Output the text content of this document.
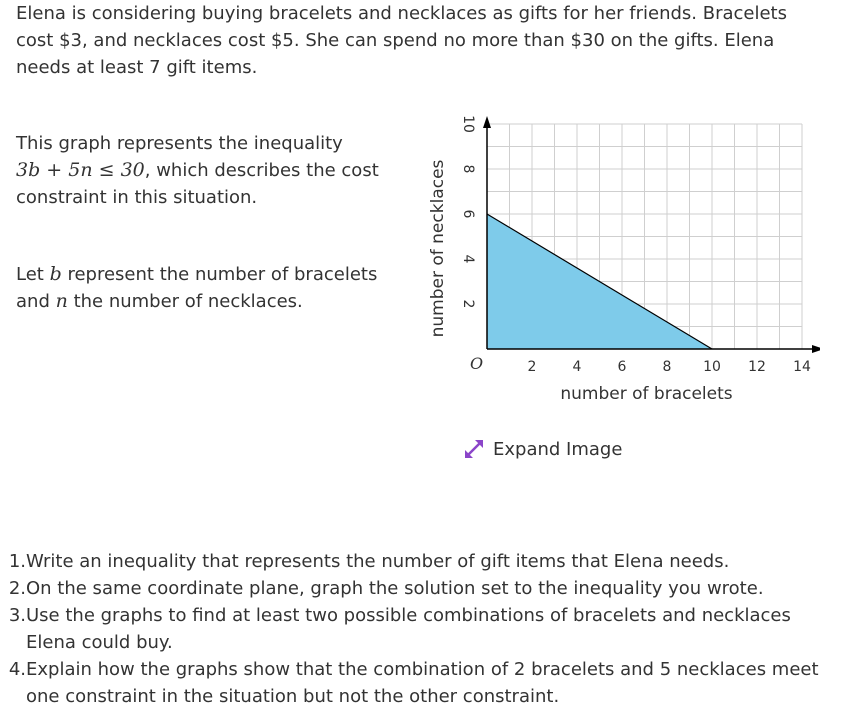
Elena is considering buying bracelets and necklaces as gifts for her friends. Bracelets cost $3, and necklaces cost $5. She can spend no more than $30 on the gifts. Elena needs at least 7 gift items.

This graph represents the inequality
3b + 5n ≤ 30, which describes the cost constraint in this situation.

Let b represent the number of bracelets and n the number of necklaces.

2	4	6	8 10 12 14
2
4
6
8
10
O
number of bracelets
number of necklaces
Expand Image
1. Write an inequality that represents the number of gift items that Elena needs.
2. On the same coordinate plane, graph the solution set to the inequality you wrote.
3. Use the graphs to find at least two possible combinations of bracelets and necklaces Elena could buy.
4. Explain how the graphs show that the combination of 2 bracelets and 5 necklaces meet one constraint in the situation but not the other constraint.
